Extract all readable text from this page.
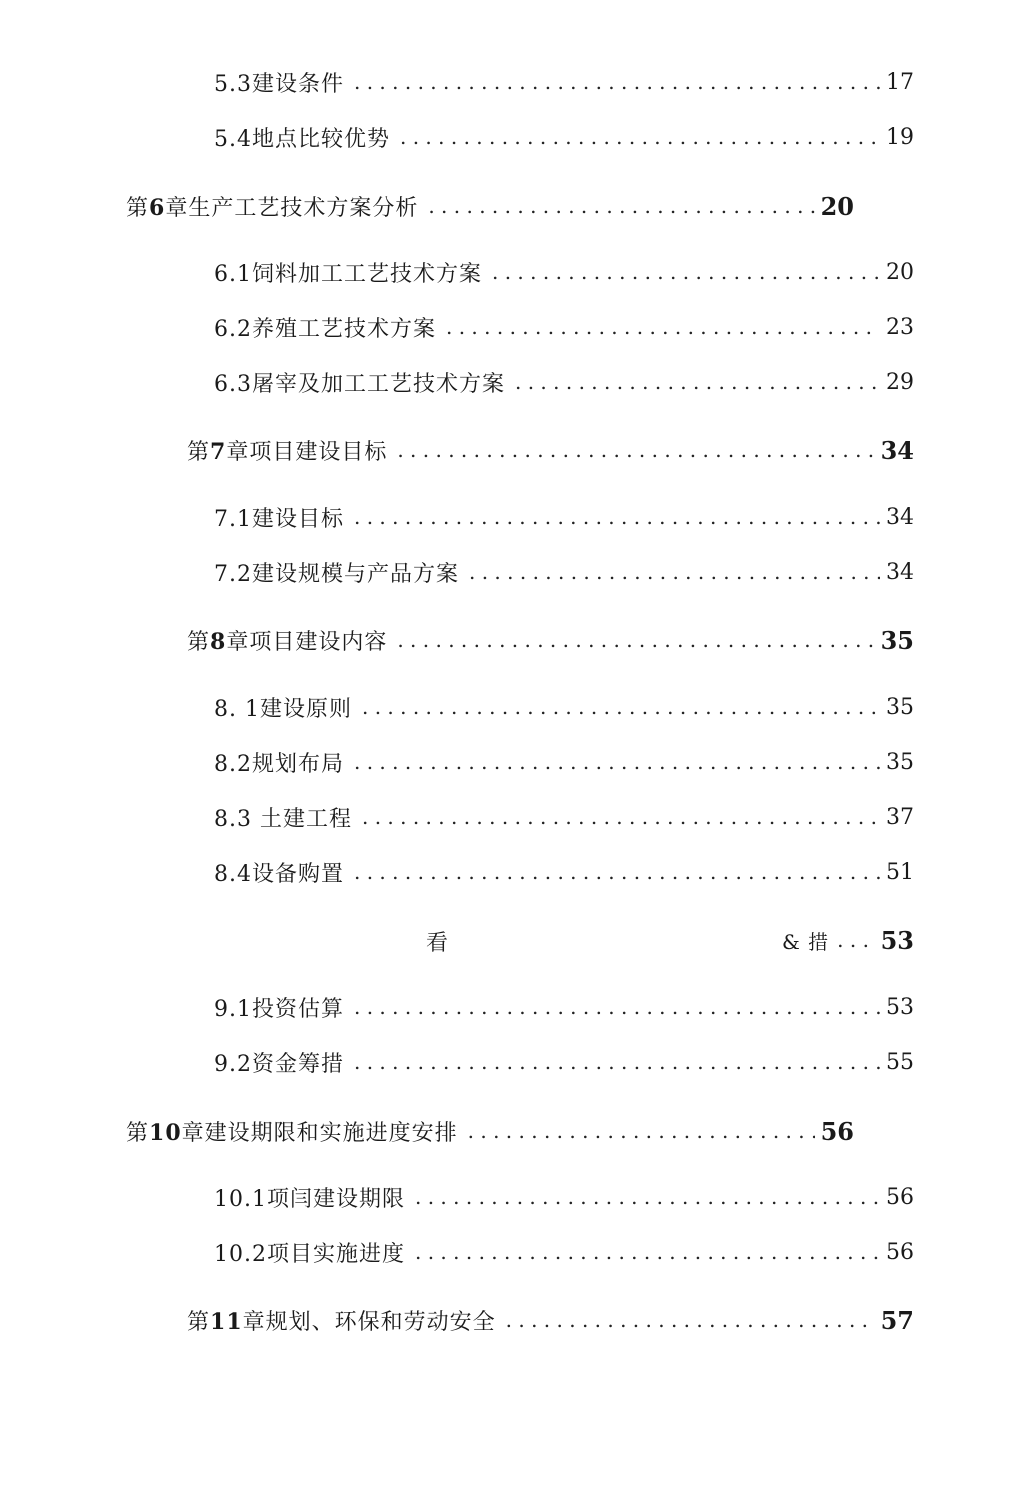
5.3建设条件 . . .	17
5.4地点比较优势 . . .	19
第6章生产工艺技术方案分析 . . .	20
6.1饲料加工工艺技术方案 . . .	20
6.2养殖工艺技术方案 . . .	23
6.3屠宰及加工工艺技术方案 . . .	29
第7章项目建设目标 . . .	34
7.1建设目标 . . .	34
7.2建设规模与产品方案 . . .	34
第8章项目建设内容 . . .	35
8. 1建设原则 . . .	35
8.2规划布局 . . .	35
8.3 土建工程 . . .	37
8.4设备购置 . . .	51
看	& 措 . . . 53
9.1投资估算 . . .	53
9.2资金筹措 . . .	55
第10章建设期限和实施进度安排 . . .	56
10.1项闫建设期限 . . .	56
10.2项目实施进度 . . .	56
第11章规划、环保和劳动安全 . . .	57
